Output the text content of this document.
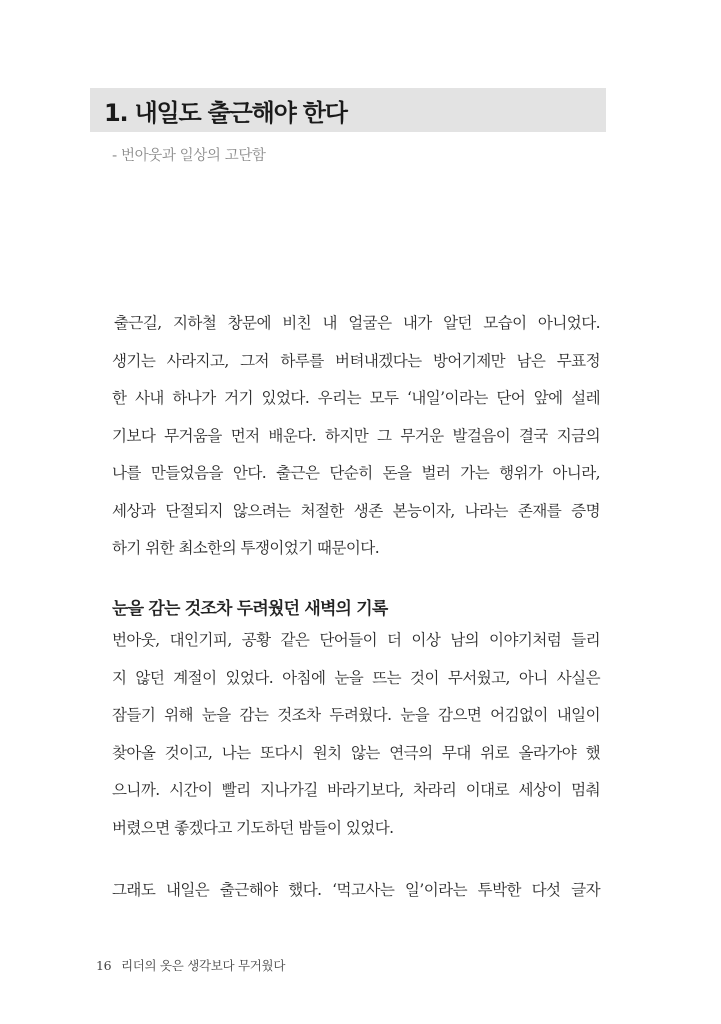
1. 내일도 출근해야 한다
- 번아웃과 일상의 고단함
출근길, 지하철 창문에 비친 내 얼굴은 내가 알던 모습이 아니었다.
생기는 사라지고, 그저 하루를 버텨내겠다는 방어기제만 남은 무표정
한 사내 하나가 거기 있었다. 우리는 모두 ‘내일’이라는 단어 앞에 설레
기보다 무거움을 먼저 배운다. 하지만 그 무거운 발걸음이 결국 지금의
나를 만들었음을 안다. 출근은 단순히 돈을 벌러 가는 행위가 아니라,
세상과 단절되지 않으려는 처절한 생존 본능이자, 나라는 존재를 증명
하기 위한 최소한의 투쟁이었기 때문이다.
눈을 감는 것조차 두려웠던 새벽의 기록
번아웃, 대인기피, 공황 같은 단어들이 더 이상 남의 이야기처럼 들리
지 않던 계절이 있었다. 아침에 눈을 뜨는 것이 무서웠고, 아니 사실은
잠들기 위해 눈을 감는 것조차 두려웠다. 눈을 감으면 어김없이 내일이
찾아올 것이고, 나는 또다시 원치 않는 연극의 무대 위로 올라가야 했
으니까. 시간이 빨리 지나가길 바라기보다, 차라리 이대로 세상이 멈춰
버렸으면 좋겠다고 기도하던 밤들이 있었다.
그래도 내일은 출근해야 했다. ‘먹고사는 일’이라는 투박한 다섯 글자
16 리더의 옷은 생각보다 무거웠다
